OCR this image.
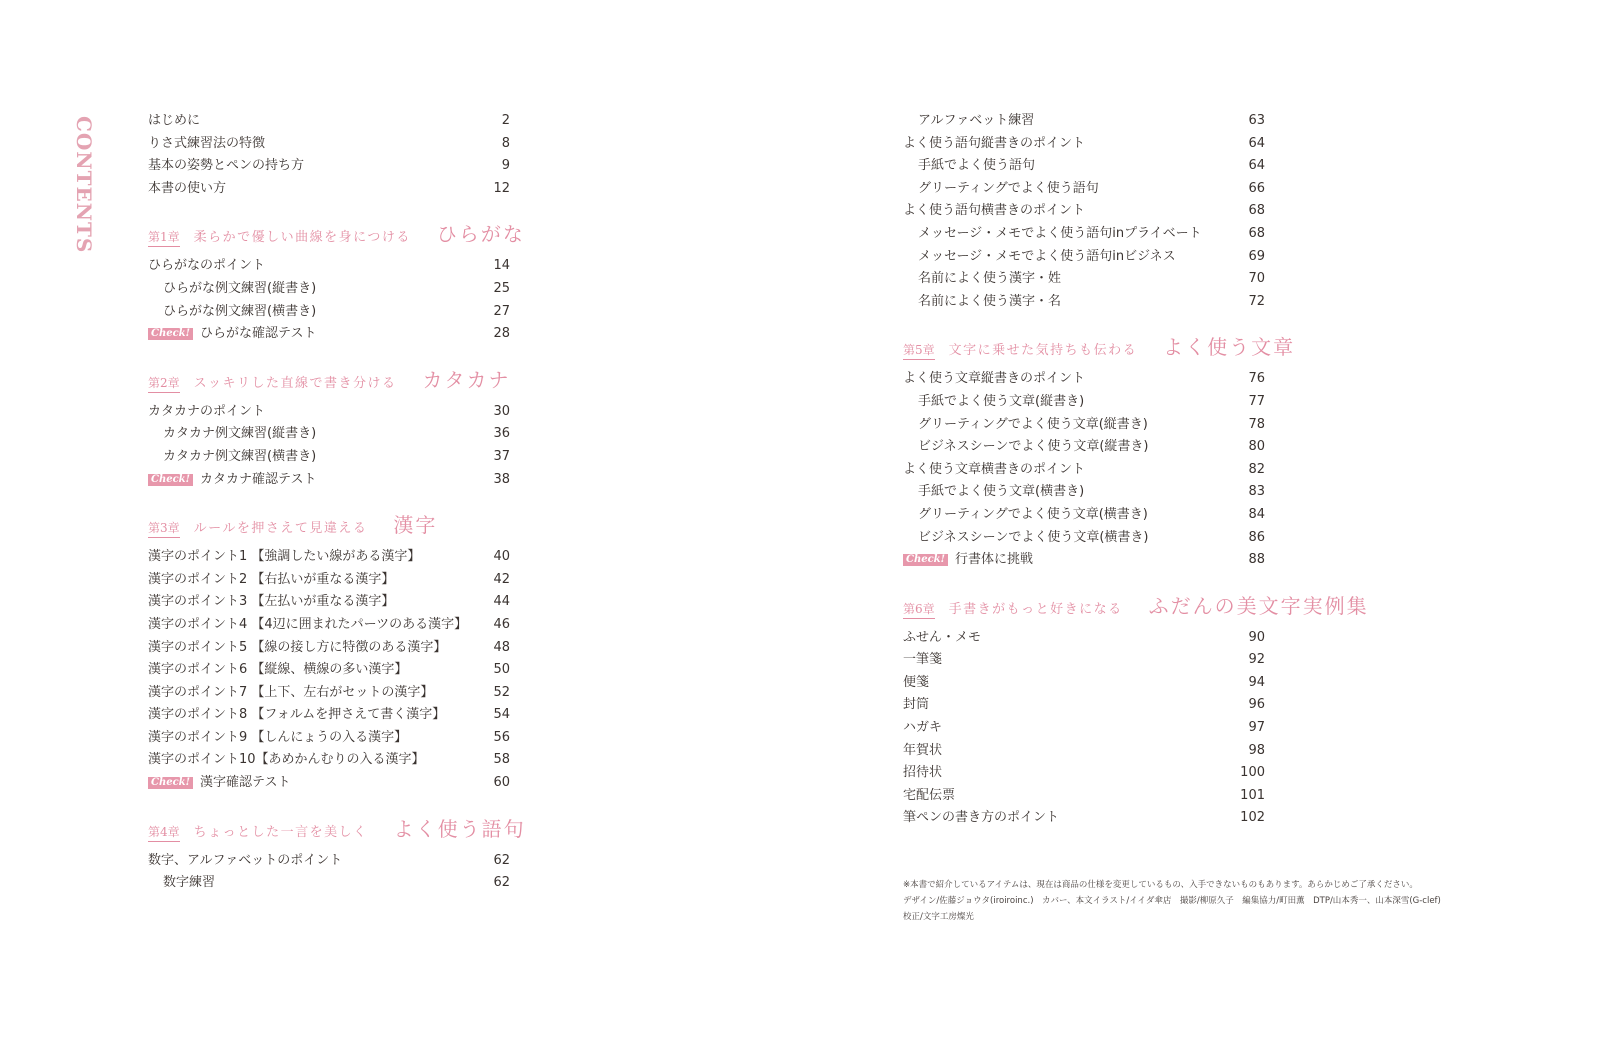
CONTENTS	はじめに	2
りさ式練習法の特徴	8
基本の姿勢とペンの持ち方	9
本書の使い方	12
第1章 柔らかで優しい曲線を身につける ひらがな
ひらがなのポイント	14
ひらがな例文練習(縦書き)	25
ひらがな例文練習(横書き)	27
Check! ひらがな確認テスト	28
第2章 スッキリした直線で書き分ける カタカナ
カタカナのポイント	30
カタカナ例文練習(縦書き)	36
カタカナ例文練習(横書き)	37
Check! カタカナ確認テスト	38
第3章 ルールを押さえて見違える 漢字
漢字のポイント1 【強調したい線がある漢字】	40
漢字のポイント2 【右払いが重なる漢字】	42
漢字のポイント3 【左払いが重なる漢字】	44
漢字のポイント4 【4辺に囲まれたパーツのある漢字】 46
漢字のポイント5 【線の接し方に特徴のある漢字】	48
漢字のポイント6 【縦線、横線の多い漢字】	50
漢字のポイント7 【上下、左右がセットの漢字】	52
漢字のポイント8 【フォルムを押さえて書く漢字】	54
漢字のポイント9 【しんにょうの入る漢字】	56
漢字のポイント10【あめかんむりの入る漢字】	58
Check! 漢字確認テスト	60
第4章 ちょっとした一言を美しく よく使う語句
数字、アルファベットのポイント	62
数字練習	62
アルファベット練習	63
よく使う語句縦書きのポイント	64
手紙でよく使う語句	64
グリーティングでよく使う語句	66
よく使う語句横書きのポイント	68
メッセージ・メモでよく使う語句inプライベート	68
メッセージ・メモでよく使う語句inビジネス	69
名前によく使う漢字・姓	70
名前によく使う漢字・名	72
第5章 文字に乗せた気持ちも伝わる よく使う文章
よく使う文章縦書きのポイント	76
手紙でよく使う文章(縦書き)	77
グリーティングでよく使う文章(縦書き)	78
ビジネスシーンでよく使う文章(縦書き)	80
よく使う文章横書きのポイント	82
手紙でよく使う文章(横書き)	83
グリーティングでよく使う文章(横書き)	84
ビジネスシーンでよく使う文章(横書き)	86
Check! 行書体に挑戦	88
第6章 手書きがもっと好きになる ふだんの美文字実例集
ふせん・メモ	90
一筆箋	92
便箋	94
封筒	96
ハガキ	97
年賀状	98
招待状	100
宅配伝票	101
筆ペンの書き方のポイント	102
※本書で紹介しているアイテムは、現在は商品の仕様を変更しているもの、入手できないものもあります。あらかじめご了承ください。
デザイン/佐藤ジョウタ(iroiroinc.)　カバー、本文イラスト/イイダ傘店　撮影/柳原久子　編集協力/町田薫　DTP/山本秀一、山本深雪(G-clef)
校正/文字工房燦光
